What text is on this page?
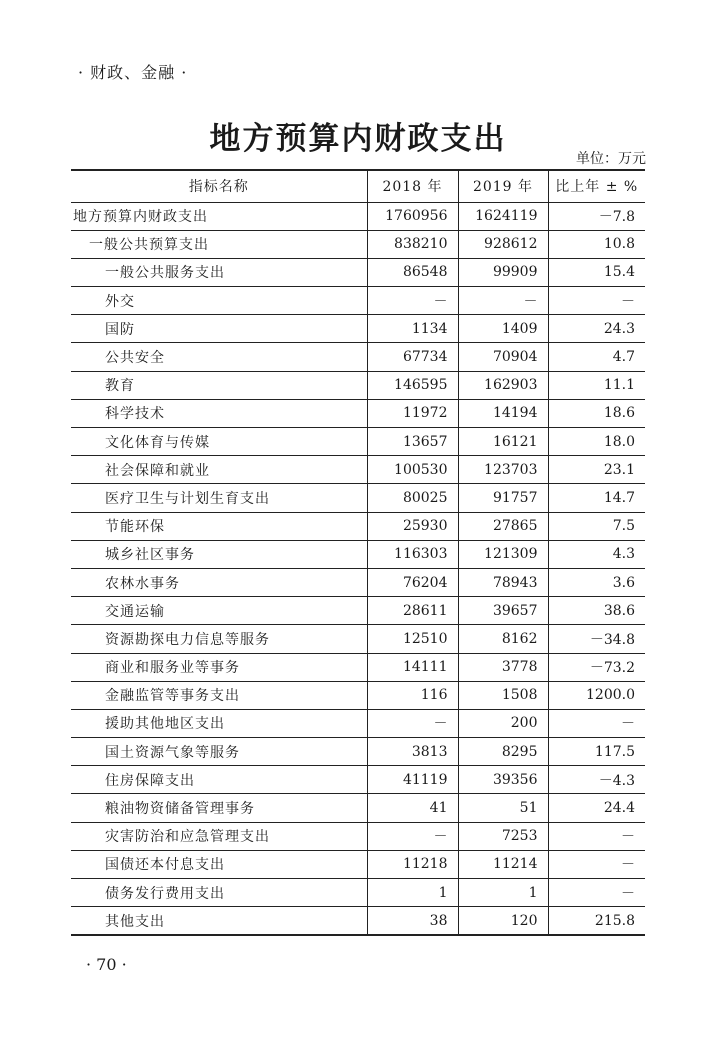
· 财政、金融 ·
地方预算内财政支出
单位：万元
指标名称	2018 年	2019 年	比上年 ± %
地方预算内财政支出	1760956	1624119	－7.8
一般公共预算支出	838210	928612	10.8
一般公共服务支出	86548	99909	15.4
外交	－	－	－
国防	1134	1409	24.3
公共安全	67734	70904	4.7
教育	146595	162903	11.1
科学技术	11972	14194	18.6
文化体育与传媒	13657	16121	18.0
社会保障和就业	100530	123703	23.1
医疗卫生与计划生育支出	80025	91757	14.7
节能环保	25930	27865	7.5
城乡社区事务	116303	121309	4.3
农林水事务	76204	78943	3.6
交通运输	28611	39657	38.6
资源勘探电力信息等服务	12510	8162	－34.8
商业和服务业等事务	14111	3778	－73.2
金融监管等事务支出	116	1508	1200.0
援助其他地区支出	－	200	－
国土资源气象等服务	3813	8295	117.5
住房保障支出	41119	39356	－4.3
粮油物资储备管理事务	41	51	24.4
灾害防治和应急管理支出	－	7253	－
国债还本付息支出	11218	11214	－
债务发行费用支出	1	1	－
其他支出	38	120	215.8
· 70 ·
